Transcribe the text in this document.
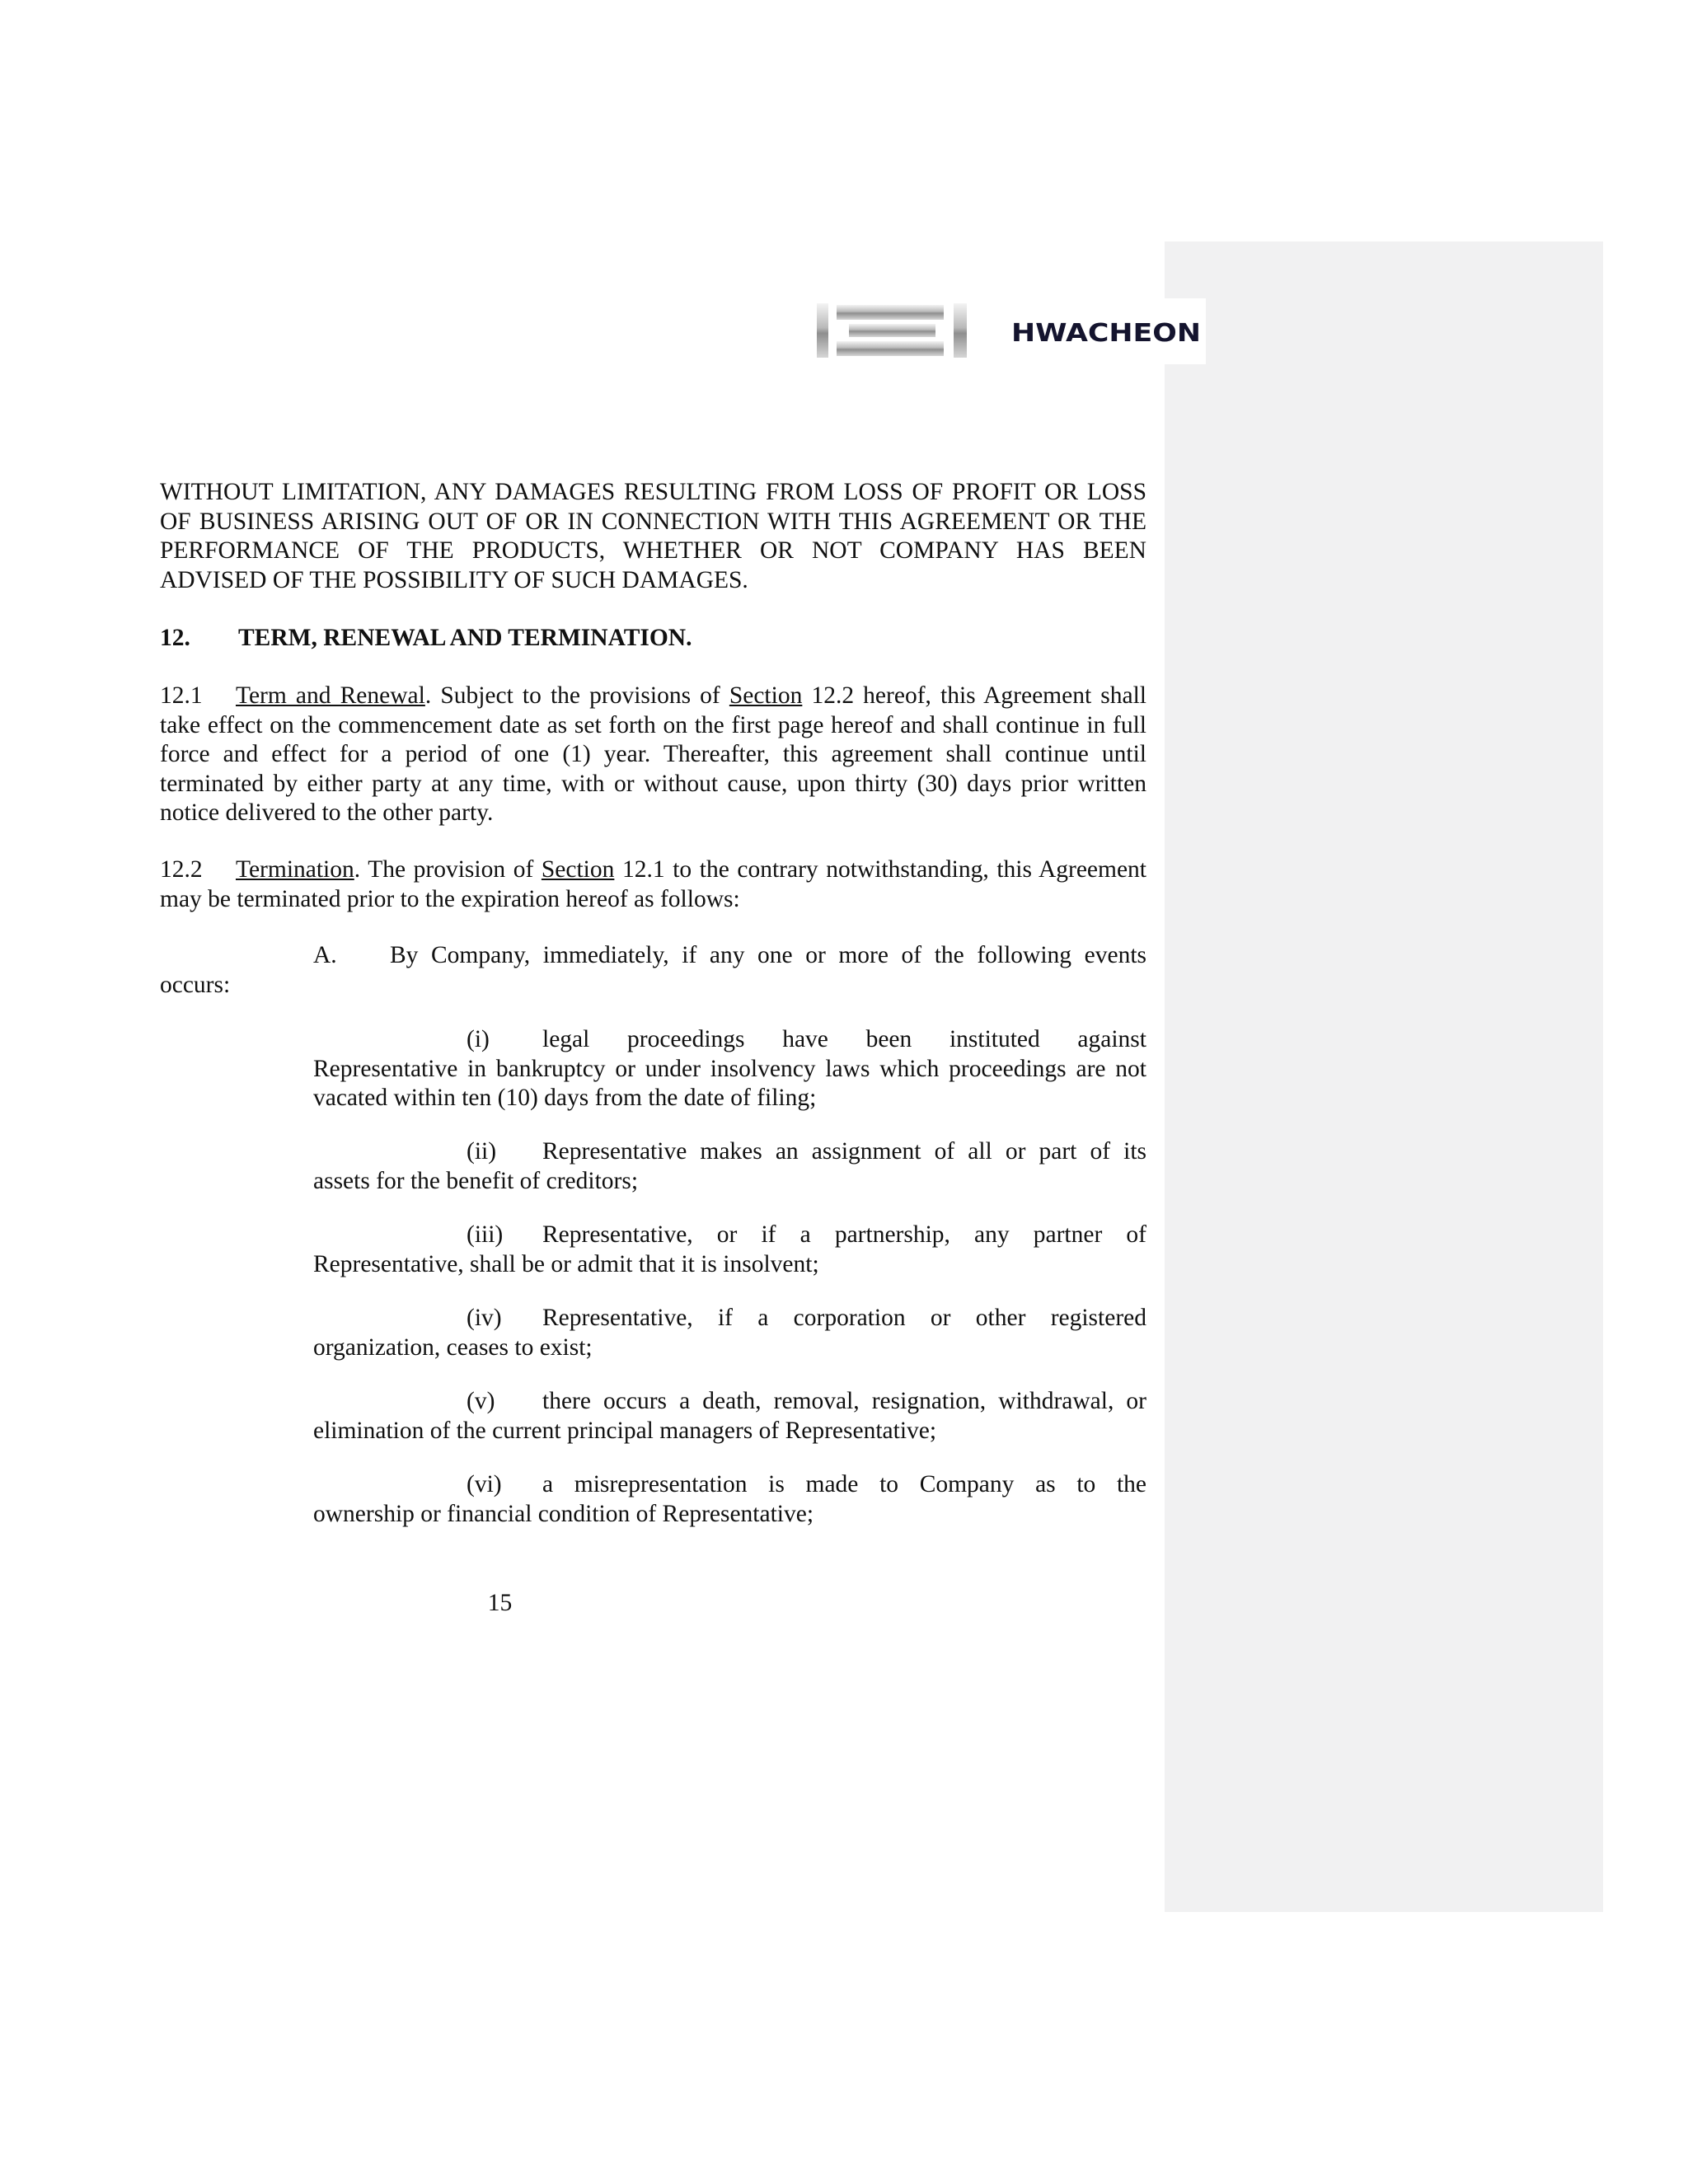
HWACHEON

WITHOUT LIMITATION, ANY DAMAGES RESULTING FROM LOSS OF PROFIT OR LOSS OF BUSINESS ARISING OUT OF OR IN CONNECTION WITH THIS AGREEMENT OR THE PERFORMANCE OF THE PRODUCTS, WHETHER OR NOT COMPANY HAS BEEN ADVISED OF THE POSSIBILITY OF SUCH DAMAGES.

12. TERM, RENEWAL AND TERMINATION.

12.1 Term and Renewal. Subject to the provisions of Section 12.2 hereof, this Agreement shall take effect on the commencement date as set forth on the first page hereof and shall continue in full force and effect for a period of one (1) year. Thereafter, this agreement shall continue until terminated by either party at any time, with or without cause, upon thirty (30) days prior written notice delivered to the other party.

12.2 Termination. The provision of Section 12.1 to the contrary notwithstanding, this Agreement may be terminated prior to the expiration hereof as follows:

A. By Company, immediately, if any one or more of the following events

occurs:

(i) legal proceedings have been instituted against

Representative in bankruptcy or under insolvency laws which proceedings are not vacated within ten (10) days from the date of filing;

(ii) Representative makes an assignment of all or part of its

assets for the benefit of creditors;

(iii) Representative, or if a partnership, any partner of

Representative, shall be or admit that it is insolvent;

(iv) Representative, if a corporation or other registered

organization, ceases to exist;

(v) there occurs a death, removal, resignation, withdrawal, or

elimination of the current principal managers of Representative;

(vi) a misrepresentation is made to Company as to the

ownership or financial condition of Representative;

15
